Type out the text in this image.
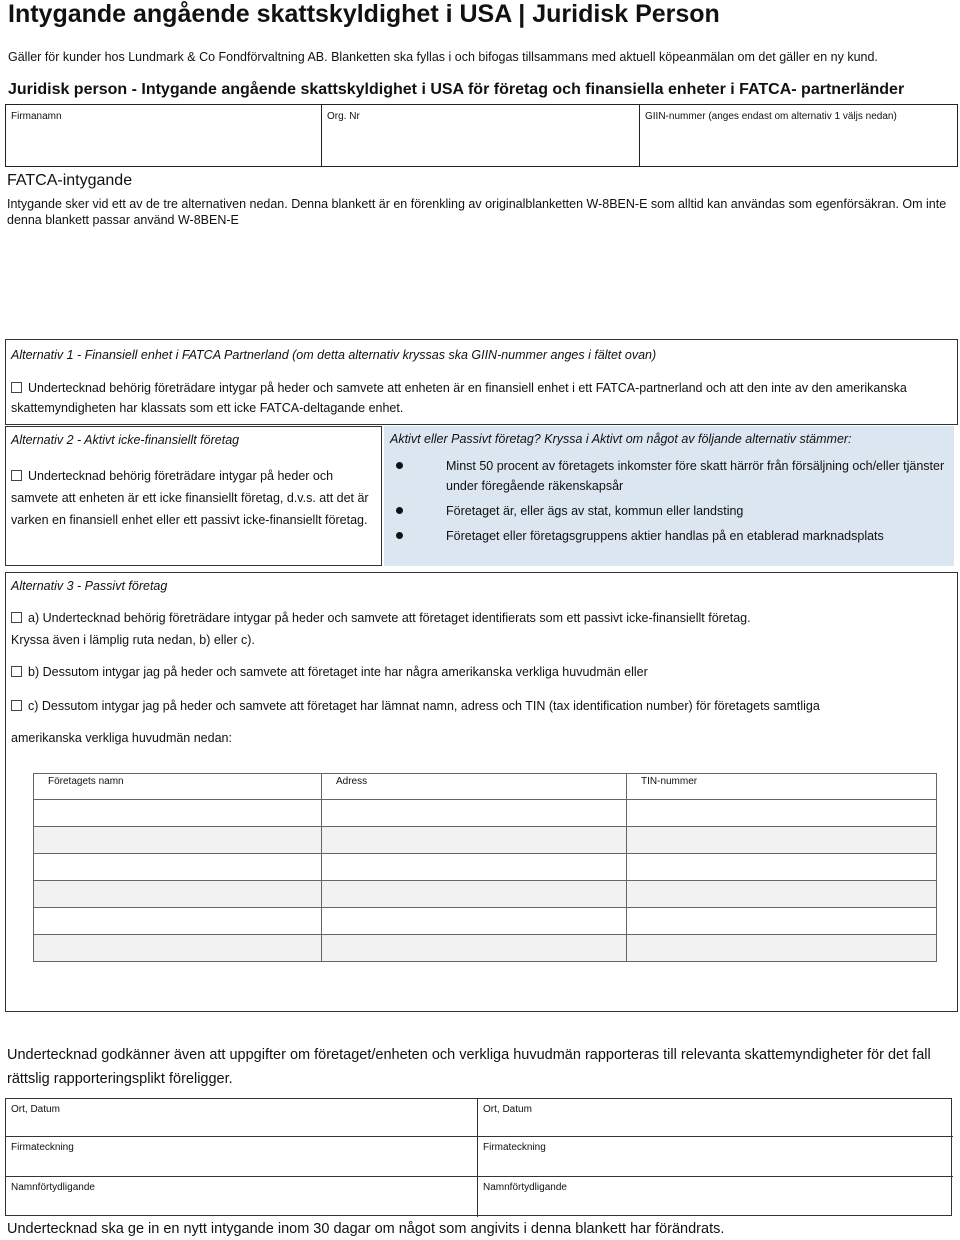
Intygande angående skattskyldighet i USA | Juridisk Person
Gäller för kunder hos Lundmark & Co Fondförvaltning AB. Blanketten ska fyllas i och bifogas tillsammans med aktuell köpeanmälan om det gäller en ny kund.
Juridisk person - Intygande angående skattskyldighet i USA för företag och finansiella enheter i FATCA- partnerländer
Firmanamn	Org. Nr	GIIN-nummer (anges endast om alternativ 1 väljs nedan)
FATCA-intygande
Intygande sker vid ett av de tre alternativen nedan. Denna blankett är en förenkling av originalblanketten W-8BEN-E som alltid kan användas som egenförsäkran. Om inte denna blankett passar använd W-8BEN-E
Alternativ 1 - Finansiell enhet i FATCA Partnerland (om detta alternativ kryssas ska GIIN-nummer anges i fältet ovan)
Undertecknad behörig företrädare intygar på heder och samvete att enheten är en finansiell enhet i ett FATCA-partnerland och att den inte av den amerikanska skattemyndigheten har klassats som ett icke FATCA-deltagande enhet.
Alternativ 2 - Aktivt icke-finansiellt företag
Undertecknad behörig företrädare intygar på heder och samvete att enheten är ett icke finansiellt företag, d.v.s. att det är varken en finansiell enhet eller ett passivt icke-finansiellt företag.
Aktivt eller Passivt företag? Kryssa i Aktivt om något av följande alternativ stämmer:
Minst 50 procent av företagets inkomster före skatt härrör från försäljning och/eller tjänster under föregående räkenskapsår
Företaget är, eller ägs av stat, kommun eller landsting
Företaget eller företagsgruppens aktier handlas på en etablerad marknadsplats
Alternativ 3 - Passivt företag
a) Undertecknad behörig företrädare intygar på heder och samvete att företaget identifierats som ett passivt icke-finansiellt företag.
Kryssa även i lämplig ruta nedan, b) eller c).
b) Dessutom intygar jag på heder och samvete att företaget inte har några amerikanska verkliga huvudmän eller
c) Dessutom intygar jag på heder och samvete att företaget har lämnat namn, adress och TIN (tax identification number) för företagets samtliga
amerikanska verkliga huvudmän nedan:
Företagets namn	Adress	TIN-nummer

Undertecknad godkänner även att uppgifter om företaget/enheten och verkliga huvudmän rapporteras till relevanta skattemyndigheter för det fall rättslig rapporteringsplikt föreligger.
Ort, Datum	Ort, Datum
Firmateckning	Firmateckning
Namnförtydligande	Namnförtydligande
Undertecknad ska ge in en nytt intygande inom 30 dagar om något som angivits i denna blankett har förändrats.
